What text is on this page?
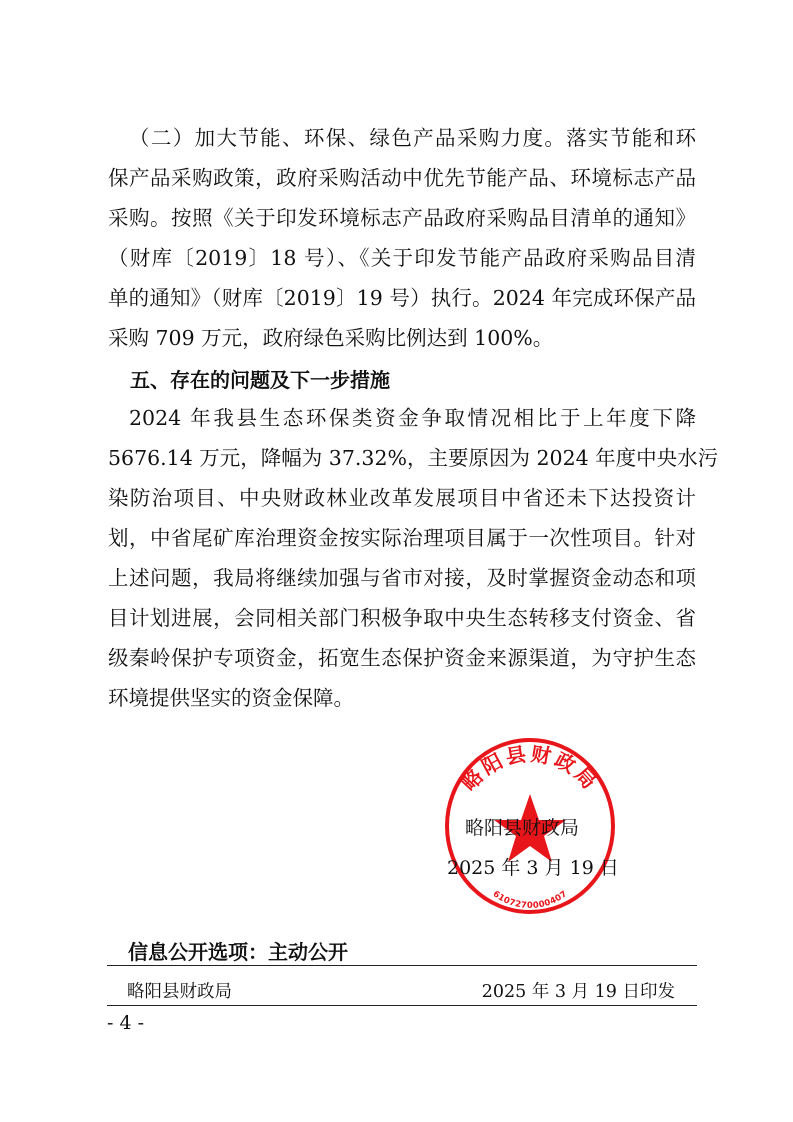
（二）加大节能、环保、绿色产品采购力度。落实节能和环
保产品采购政策，政府采购活动中优先节能产品、环境标志产品
采购。按照《关于印发环境标志产品政府采购品目清单的通知》
（财库〔2019〕18 号）、《关于印发节能产品政府采购品目清
单的通知》（财库〔2019〕19 号）执行。2024 年完成环保产品
采购 709 万元，政府绿色采购比例达到 100%。
五、存在的问题及下一步措施
2024 年我县生态环保类资金争取情况相比于上年度下降
5676.14 万元，降幅为 37.32%，主要原因为 2024 年度中央水污
染防治项目、中央财政林业改革发展项目中省还未下达投资计
划，中省尾矿库治理资金按实际治理项目属于一次性项目。针对
上述问题，我局将继续加强与省市对接，及时掌握资金动态和项
目计划进展，会同相关部门积极争取中央生态转移支付资金、省
级秦岭保护专项资金，拓宽生态保护资金来源渠道，为守护生态
环境提供坚实的资金保障。
略阳县财政局
6107270000407
略阳县财政局
2025 年 3 月 19 日
信息公开选项：主动公开
略阳县财政局	2025 年 3 月 19 日印发
- 4 -
